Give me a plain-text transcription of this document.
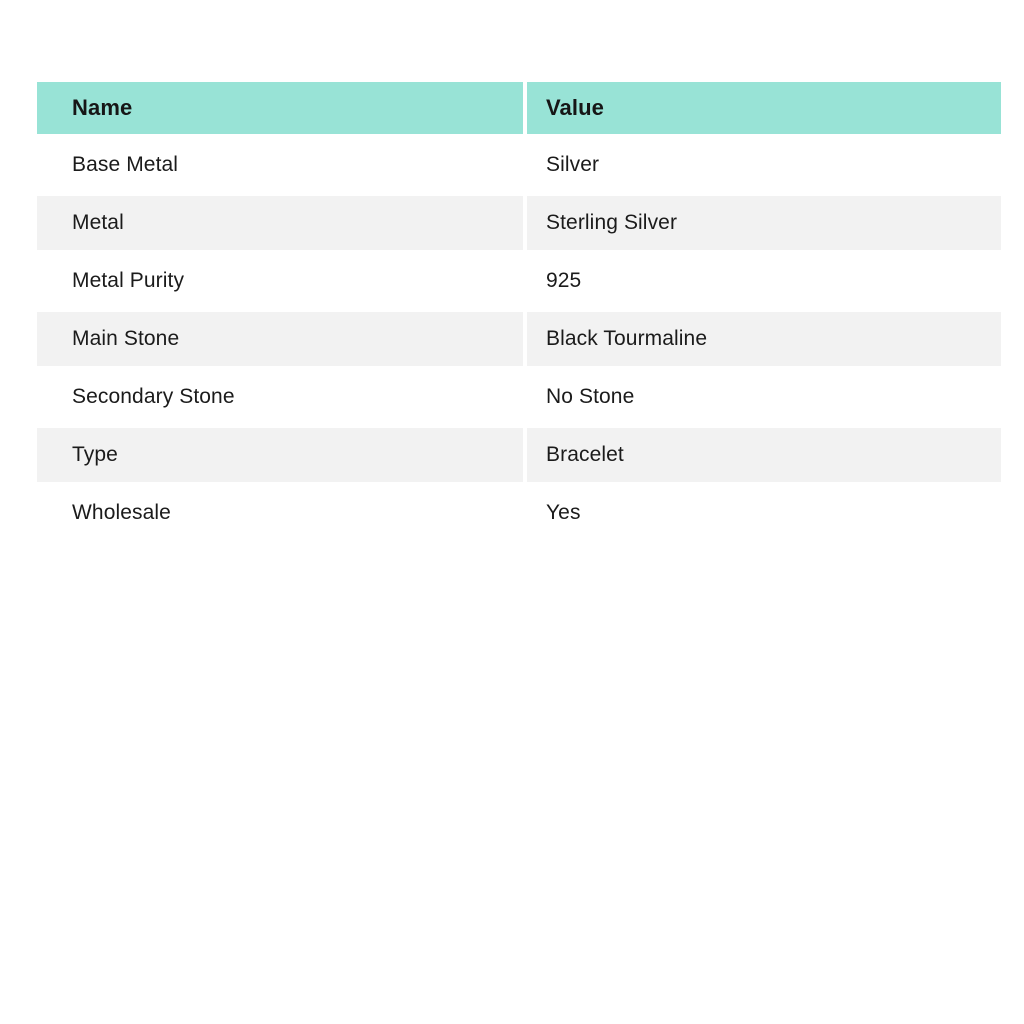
Name	Value
Base Metal	Silver
Metal	Sterling Silver
Metal Purity	925
Main Stone	Black Tourmaline
Secondary Stone	No Stone
Type	Bracelet
Wholesale	Yes
